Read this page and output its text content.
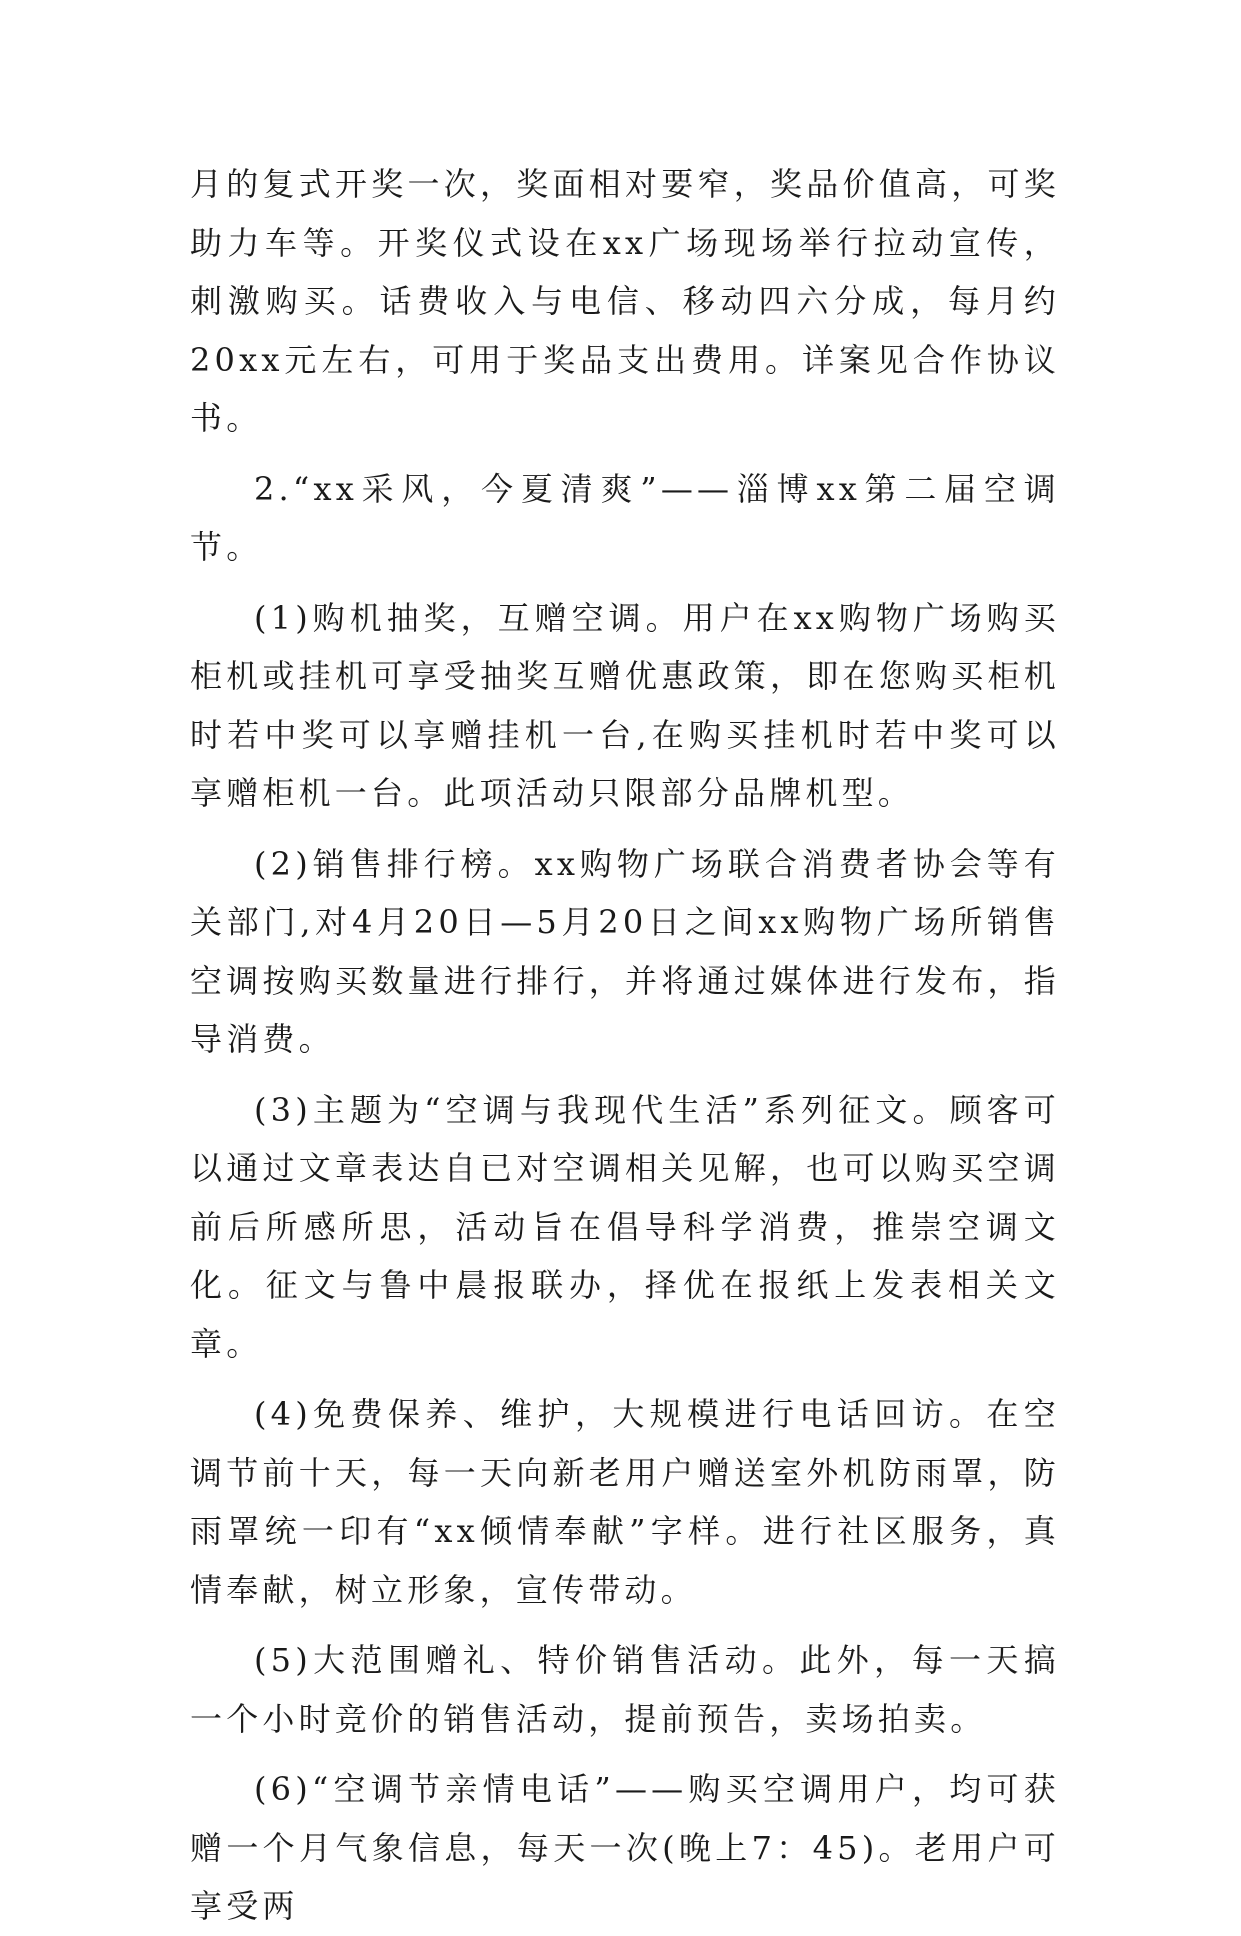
月的复式开奖一次，奖面相对要窄，奖品价值高，可奖助力车等。开奖仪式设在xx广场现场举行拉动宣传，刺激购买。话费收入与电信、移动四六分成，每月约20xx元左右，可用于奖品支出费用。详案见合作协议书。

2.“xx采风，今夏清爽”——淄博xx第二届空调节。

(1)购机抽奖，互赠空调。用户在xx购物广场购买柜机或挂机可享受抽奖互赠优惠政策，即在您购买柜机时若中奖可以享赠挂机一台,在购买挂机时若中奖可以享赠柜机一台。此项活动只限部分品牌机型。

(2)销售排行榜。xx购物广场联合消费者协会等有关部门,对4月20日—5月20日之间xx购物广场所销售空调按购买数量进行排行，并将通过媒体进行发布，指导消费。

(3)主题为“空调与我现代生活”系列征文。顾客可以通过文章表达自已对空调相关见解，也可以购买空调前后所感所思，活动旨在倡导科学消费，推崇空调文化。征文与鲁中晨报联办，择优在报纸上发表相关文章。

(4)免费保养、维护，大规模进行电话回访。在空调节前十天，每一天向新老用户赠送室外机防雨罩，防雨罩统一印有“xx倾情奉献”字样。进行社区服务，真情奉献，树立形象，宣传带动。

(5)大范围赠礼、特价销售活动。此外，每一天搞一个小时竞价的销售活动，提前预告，卖场拍卖。

(6)“空调节亲情电话”——购买空调用户，均可获赠一个月气象信息，每天一次(晚上7：45)。老用户可享受两
